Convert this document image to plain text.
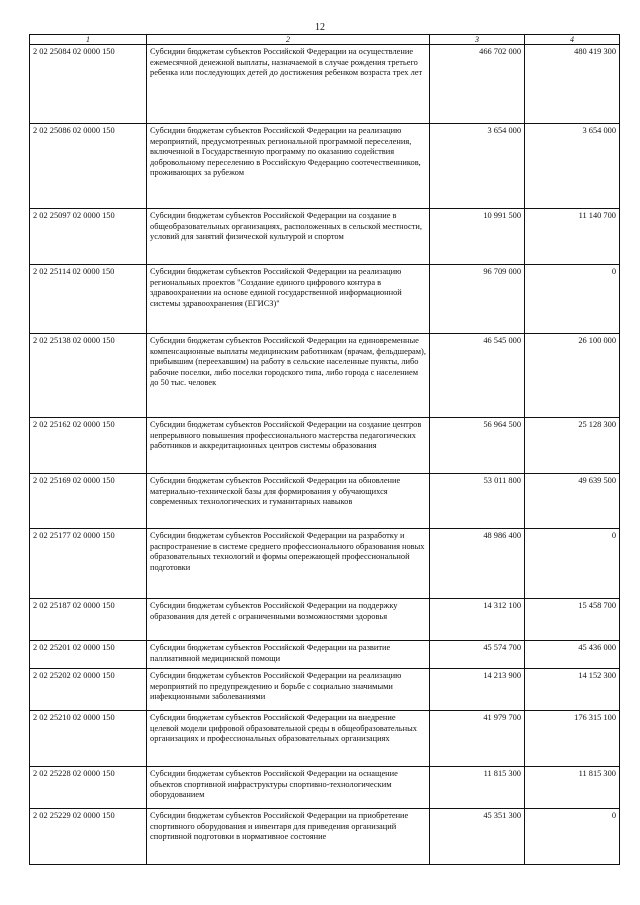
12
1	2	3	4
2 02 25084 02 0000 150	Субсидии бюджетам субъектов Российской Федерации на осуществление ежемесячной денежной выплаты, назначаемой в случае рождения третьего ребенка или последующих детей до достижения ребенком возраста трех лет	466 702 000	480 419 300
2 02 25086 02 0000 150	Субсидии бюджетам субъектов Российской Федерации на реализацию мероприятий, предусмотренных региональной программой переселения, включенной в Государственную программу по оказанию содействия добровольному переселению в Российскую Федерацию соотечественников, проживающих за рубежом	3 654 000	3 654 000
2 02 25097 02 0000 150	Субсидии бюджетам субъектов Российской Федерации на создание в общеобразовательных организациях, расположенных в сельской местности, условий для занятий физической культурой и спортом	10 991 500	11 140 700
2 02 25114 02 0000 150	Субсидии бюджетам субъектов Российской Федерации на реализацию региональных проектов "Создание единого цифрового контура в здравоохранении на основе единой государственной информационной системы здравоохранения (ЕГИСЗ)"	96 709 000	0
2 02 25138 02 0000 150	Субсидии бюджетам субъектов Российской Федерации на единовременные компенсационные выплаты медицинским работникам (врачам, фельдшерам), прибывшим (переехавшим) на работу в сельские населенные пункты, либо рабочие поселки, либо поселки городского типа, либо города с населением до 50 тыс. человек	46 545 000	26 100 000
2 02 25162 02 0000 150	Субсидии бюджетам субъектов Российской Федерации на создание центров непрерывного повышения профессионального мастерства педагогических работников и аккредитационных центров системы образования	56 964 500	25 128 300
2 02 25169 02 0000 150	Субсидии бюджетам субъектов Российской Федерации на обновление материально-технической базы для формирования у обучающихся современных технологических и гуманитарных навыков	53 011 800	49 639 500
2 02 25177 02 0000 150	Субсидии бюджетам субъектов Российской Федерации на разработку и распространение в системе среднего профессионального образования новых образовательных технологий и формы опережающей профессиональной подготовки	48 986 400	0
2 02 25187 02 0000 150	Субсидии бюджетам субъектов Российской Федерации на поддержку образования для детей с ограниченными возможностями здоровья	14 312 100	15 458 700
2 02 25201 02 0000 150	Субсидии бюджетам субъектов Российской Федерации на развитие паллиативной медицинской помощи	45 574 700	45 436 000
2 02 25202 02 0000 150	Субсидии бюджетам субъектов Российской Федерации на реализацию мероприятий по предупреждению и борьбе с социально значимыми инфекционными заболеваниями	14 213 900	14 152 300
2 02 25210 02 0000 150	Субсидии бюджетам субъектов Российской Федерации на внедрение целевой модели цифровой образовательной среды в общеобразовательных организациях и профессиональных образовательных организациях	41 979 700	176 315 100
2 02 25228 02 0000 150	Субсидии бюджетам субъектов Российской Федерации на оснащение объектов спортивной инфраструктуры спортивно-технологическим оборудованием	11 815 300	11 815 300
2 02 25229 02 0000 150	Субсидии бюджетам субъектов Российской Федерации на приобретение спортивного оборудования и инвентаря для приведения организаций спортивной подготовки в нормативное состояние	45 351 300	0
